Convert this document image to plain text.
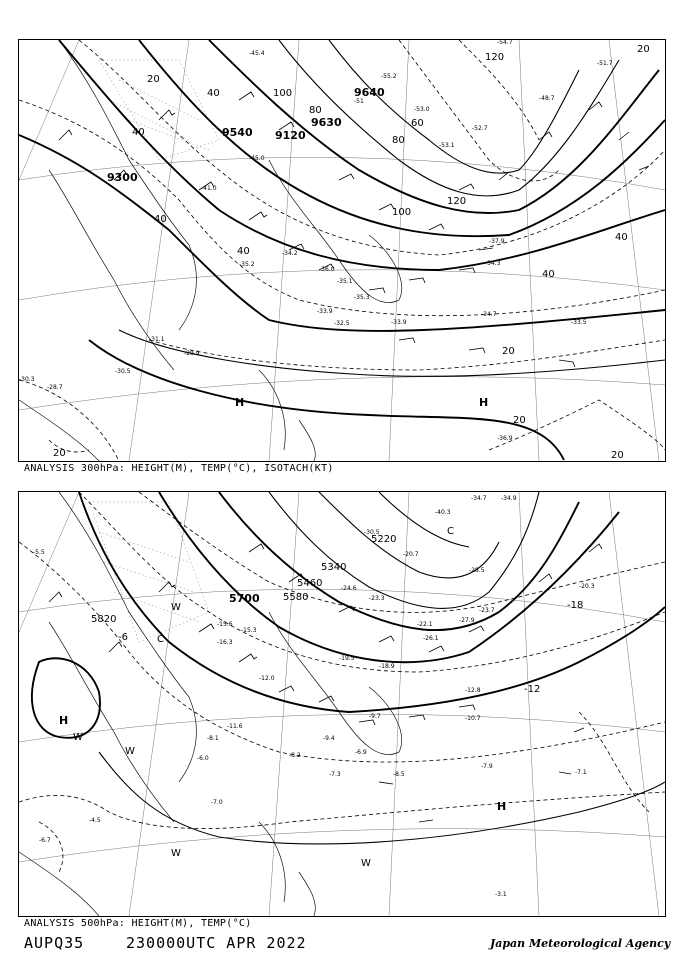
9300
9540 9120
9630
9640
20
40
40
40
100
80
80
60
120
120
100
40
40
40
20
20
20
20
20
-34.7
-33.5
-33.9
-35.3
-34.3
-37.9
-29.9
-30.3
-28.7
-30.5
-31.1
-33.9
-32.5
-36.0
-35.1
-34.2
-35.2
-41.0
-45.0
-51
-53.1
-52.7
-48.7
-45.4
-51.7
-54.7
-55.2
-53.0
-36.9
H	H
ANALYSIS 300hPa: HEIGHT(M), TEMP(°C), ISOTACH(KT)
5820
5700 5580
5460
5340
5220
-18
-12
-6
-34.7 -34.9
-40.3
-30.5
-27.9
-23.7
-20.3
-12.8
-10.7
-7.9
-7.1
-3.1
-8.5
-6.9
-7.3
-8.2
-9.7
-12.0
-15.3
-19.5
-18.9
-22.1
-16.3
-15.6
-11.6
-5.5
-4.5
-6.7
-6.0
-8.1
-7.0
-9.4
-20.7
-24.6
-28.5
-23.3
-26.1
H
H
W
W
W
W
W
C
C
ANALYSIS 500hPa: HEIGHT(M), TEMP(°C)
AUPQ35	230000UTC APR 2022	Japan Meteorological Agency
